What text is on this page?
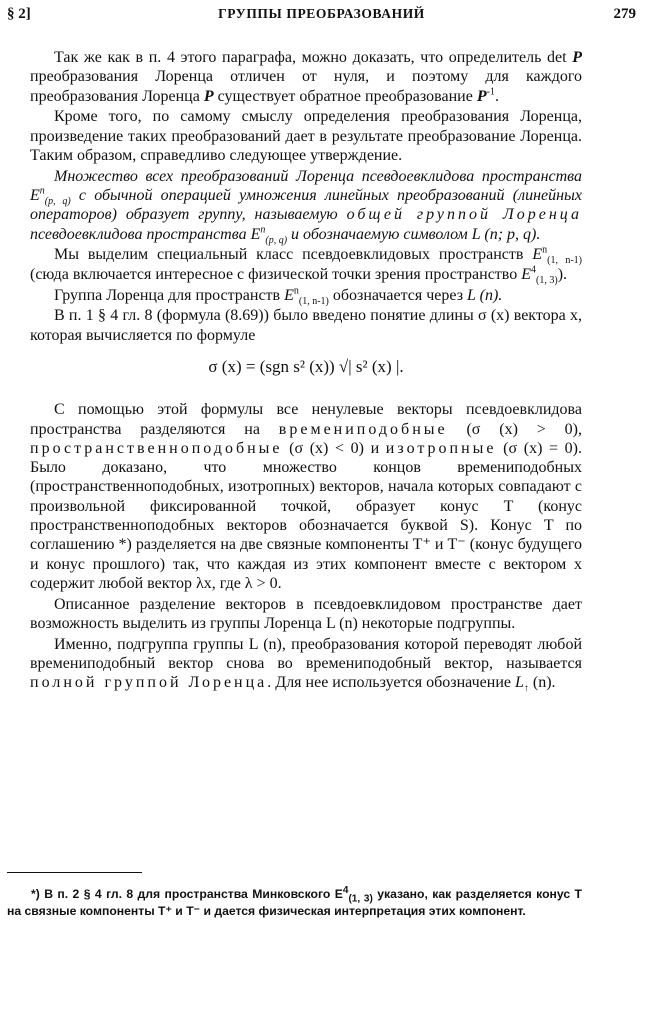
§ 2]	ГРУППЫ ПРЕОБРАЗОВАНИЙ	279

Так же как в п. 4 этого параграфа, можно доказать, что определитель det P преобразования Лоренца отличен от нуля, и поэтому для каждого преобразования Лоренца P существует обратное преобразование $P^{-1}$.

Кроме того, по самому смыслу определения преобразования Лоренца, произведение таких преобразований дает в результате преобразование Лоренца. Таким образом, справедливо следующее утверждение.

Множество всех преобразований Лоренца псевдоевклидова пространства $E^n_{(p, q)}$ с обычной операцией умножения линейных преобразований (линейных операторов) образует группу, называемую общей группой Лоренца псевдоевклидова пространства $E^n_{(p, q)}$ и обозначаемую символом L (n; p, q).

Мы выделим специальный класс псевдоевклидовых пространств $E^n_{(1, n-1)}$ (сюда включается интересное с физической точки зрения пространство $E^4_{(1, 3)}$).

Группа Лоренца для пространств $E^n_{(1, n-1)}$ обозначается через L (n).

В п. 1 § 4 гл. 8 (формула (8.69)) было введено понятие длины σ (x) вектора x, которая вычисляется по формуле

σ (x) = (sgn s² (x)) √| s² (x) |.

С помощью этой формулы все ненулевые векторы псевдоевклидова пространства разделяются на времениподобные (σ (x) > 0), пространственноподобные (σ (x) < 0) и изотропные (σ (x) = 0). Было доказано, что множество концов времениподобных (пространственноподобных, изотропных) векторов, начала которых совпадают с произвольной фиксированной точкой, образует конус T (конус пространственноподобных векторов обозначается буквой S). Конус T по соглашению *) разделяется на две связные компоненты T⁺ и T⁻ (конус будущего и конус прошлого) так, что каждая из этих компонент вместе с вектором x содержит любой вектор λx, где λ > 0.

Описанное разделение векторов в псевдоевклидовом пространстве дает возможность выделить из группы Лоренца L (n) некоторые подгруппы.

Именно, подгруппа группы L (n), преобразования которой переводят любой времениподобный вектор снова во времениподобный вектор, называется полной группой Лоренца. Для нее используется обозначение $L_↑$ (n).

*) В п. 2 § 4 гл. 8 для пространства Минковского $E^4_{(1, 3)}$ указано, как разделяется конус T на связные компоненты T⁺ и T⁻ и дается физическая интерпретация этих компонент.
